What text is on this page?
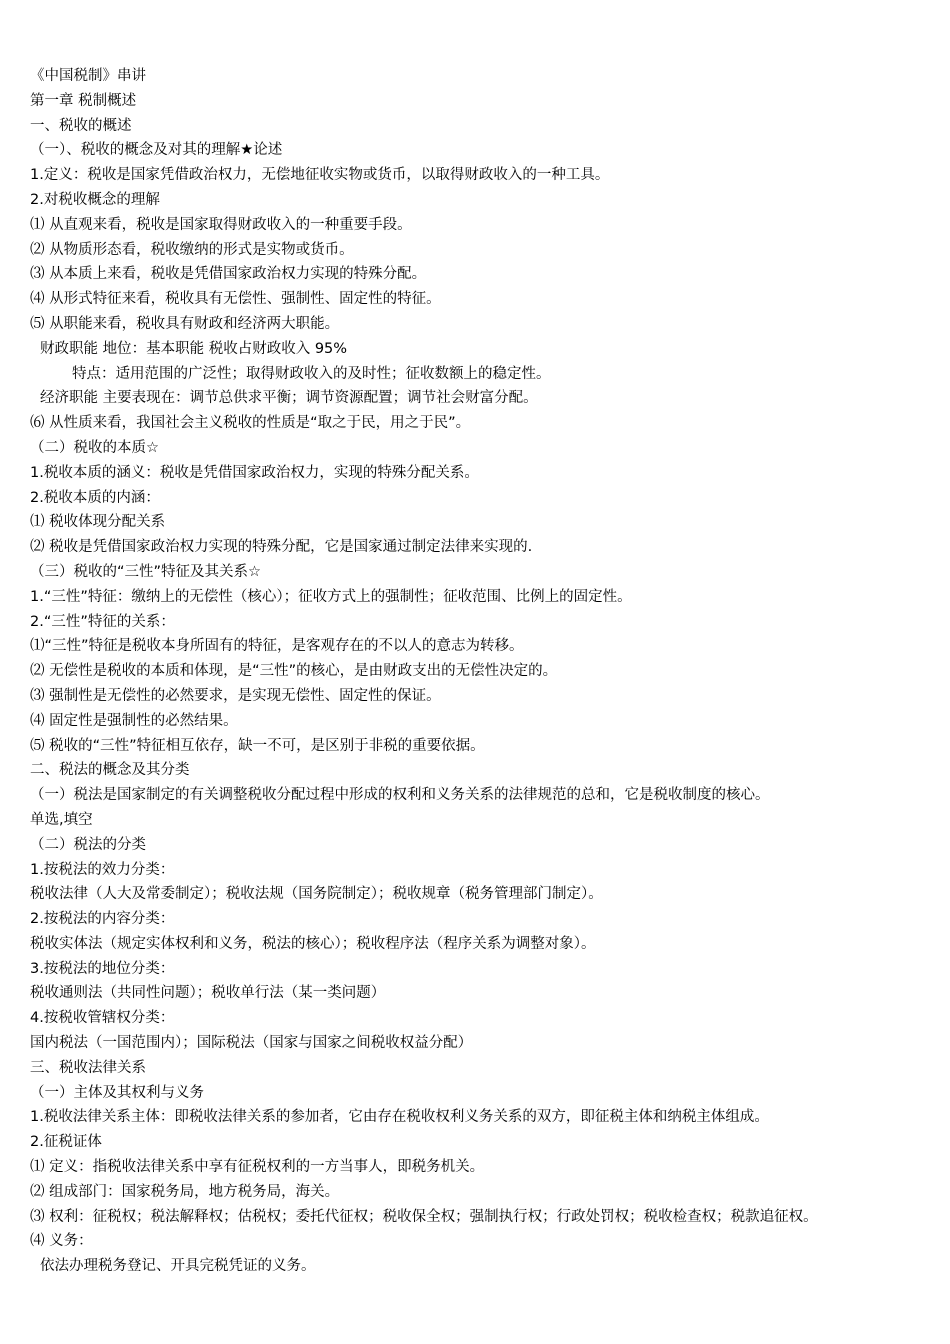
《中国税制》串讲
第一章 税制概述
一、税收的概述
（一）、税收的概念及对其的理解★论述
1.定义：税收是国家凭借政治权力，无偿地征收实物或货币，以取得财政收入的一种工具。
2.对税收概念的理解
⑴ 从直观来看，税收是国家取得财政收入的一种重要手段。
⑵ 从物质形态看，税收缴纳的形式是实物或货币。
⑶ 从本质上来看，税收是凭借国家政治权力实现的特殊分配。
⑷ 从形式特征来看，税收具有无偿性、强制性、固定性的特征。
⑸ 从职能来看，税收具有财政和经济两大职能。
财政职能 地位：基本职能 税收占财政收入 95%
特点：适用范围的广泛性；取得财政收入的及时性；征收数额上的稳定性。
经济职能 主要表现在：调节总供求平衡；调节资源配置；调节社会财富分配。
⑹ 从性质来看，我国社会主义税收的性质是“取之于民，用之于民”。
（二）税收的本质☆
1.税收本质的涵义：税收是凭借国家政治权力，实现的特殊分配关系。
2.税收本质的内涵：
⑴ 税收体现分配关系
⑵ 税收是凭借国家政治权力实现的特殊分配，它是国家通过制定法律来实现的.
（三）税收的“三性”特征及其关系☆
1.“三性”特征：缴纳上的无偿性（核心）；征收方式上的强制性；征收范围、比例上的固定性。
2.“三性”特征的关系：
⑴“三性”特征是税收本身所固有的特征，是客观存在的不以人的意志为转移。
⑵ 无偿性是税收的本质和体现，是“三性”的核心，是由财政支出的无偿性决定的。
⑶ 强制性是无偿性的必然要求，是实现无偿性、固定性的保证。
⑷ 固定性是强制性的必然结果。
⑸ 税收的“三性”特征相互依存，缺一不可，是区别于非税的重要依据。
二、税法的概念及其分类
（一）税法是国家制定的有关调整税收分配过程中形成的权利和义务关系的法律规范的总和，它是税收制度的核心。
单选,填空
（二）税法的分类
1.按税法的效力分类：
税收法律（人大及常委制定）；税收法规（国务院制定）；税收规章（税务管理部门制定）。
2.按税法的内容分类：
税收实体法（规定实体权利和义务，税法的核心）；税收程序法（程序关系为调整对象）。
3.按税法的地位分类：
税收通则法（共同性问题）；税收单行法（某一类问题）
4.按税收管辖权分类：
国内税法（一国范围内）；国际税法（国家与国家之间税收权益分配）
三、税收法律关系
（一）主体及其权利与义务
1.税收法律关系主体：即税收法律关系的参加者，它由存在税收权利义务关系的双方，即征税主体和纳税主体组成。
2.征税证体
⑴ 定义：指税收法律关系中享有征税权利的一方当事人，即税务机关。
⑵ 组成部门：国家税务局，地方税务局，海关。
⑶ 权利：征税权；税法解释权；估税权；委托代征权；税收保全权；强制执行权；行政处罚权；税收检查权；税款追征权。
⑷ 义务：
依法办理税务登记、开具完税凭证的义务。
